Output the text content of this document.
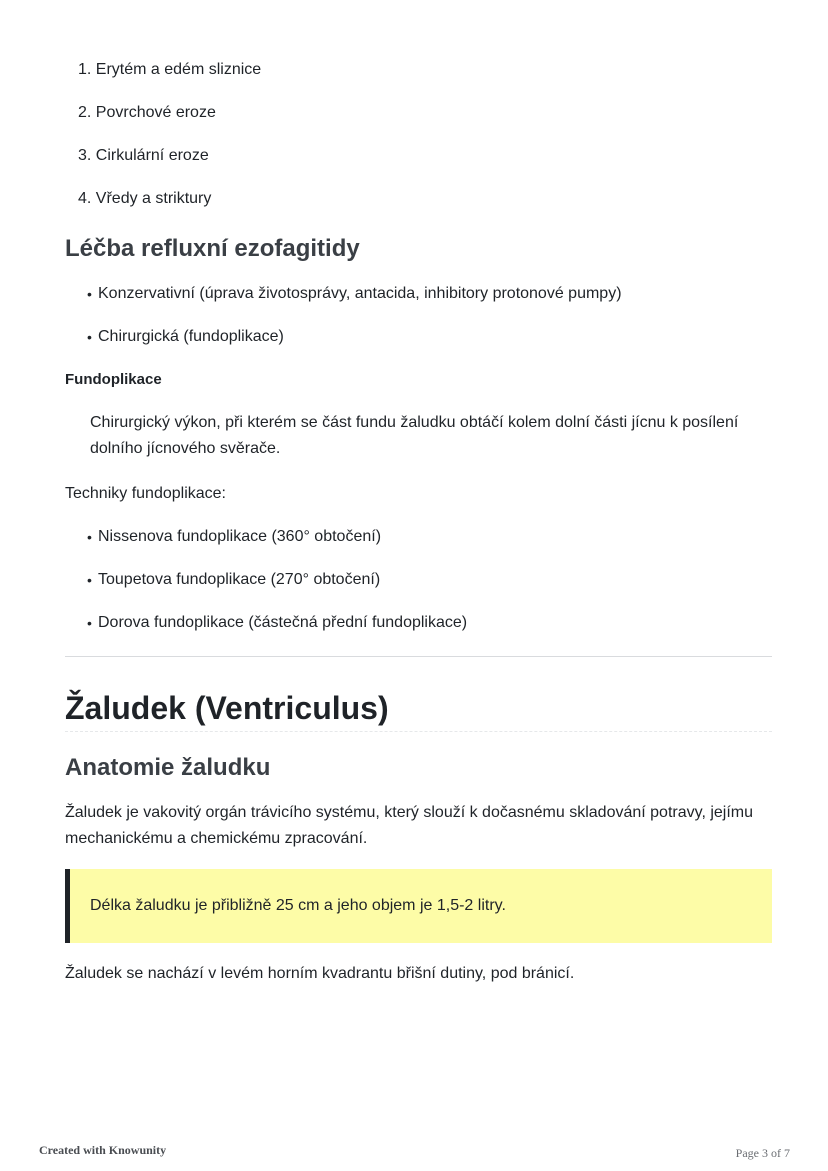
1. Erytém a edém sliznice
2. Povrchové eroze
3. Cirkulární eroze
4. Vředy a striktury
Léčba refluxní ezofagitidy
• Konzervativní (úprava životosprávy, antacida, inhibitory protonové pumpy)
• Chirurgická (fundoplikace)
Fundoplikace

Chirurgický výkon, při kterém se část fundu žaludku obtáčí kolem dolní části jícnu k posílení dolního jícnového svěrače.

Techniky fundoplikace:

• Nissenova fundoplikace (360° obtočení)
• Toupetova fundoplikace (270° obtočení)
• Dorova fundoplikace (částečná přední fundoplikace)
Žaludek (Ventriculus)
Anatomie žaludku

Žaludek je vakovitý orgán trávicího systému, který slouží k dočasnému skladování potravy, jejímu mechanickému a chemickému zpracování.

Délka žaludku je přibližně 25 cm a jeho objem je 1,5-2 litry.

Žaludek se nachází v levém horním kvadrantu břišní dutiny, pod bránicí.

Created with Knowunity	Page 3 of 7
